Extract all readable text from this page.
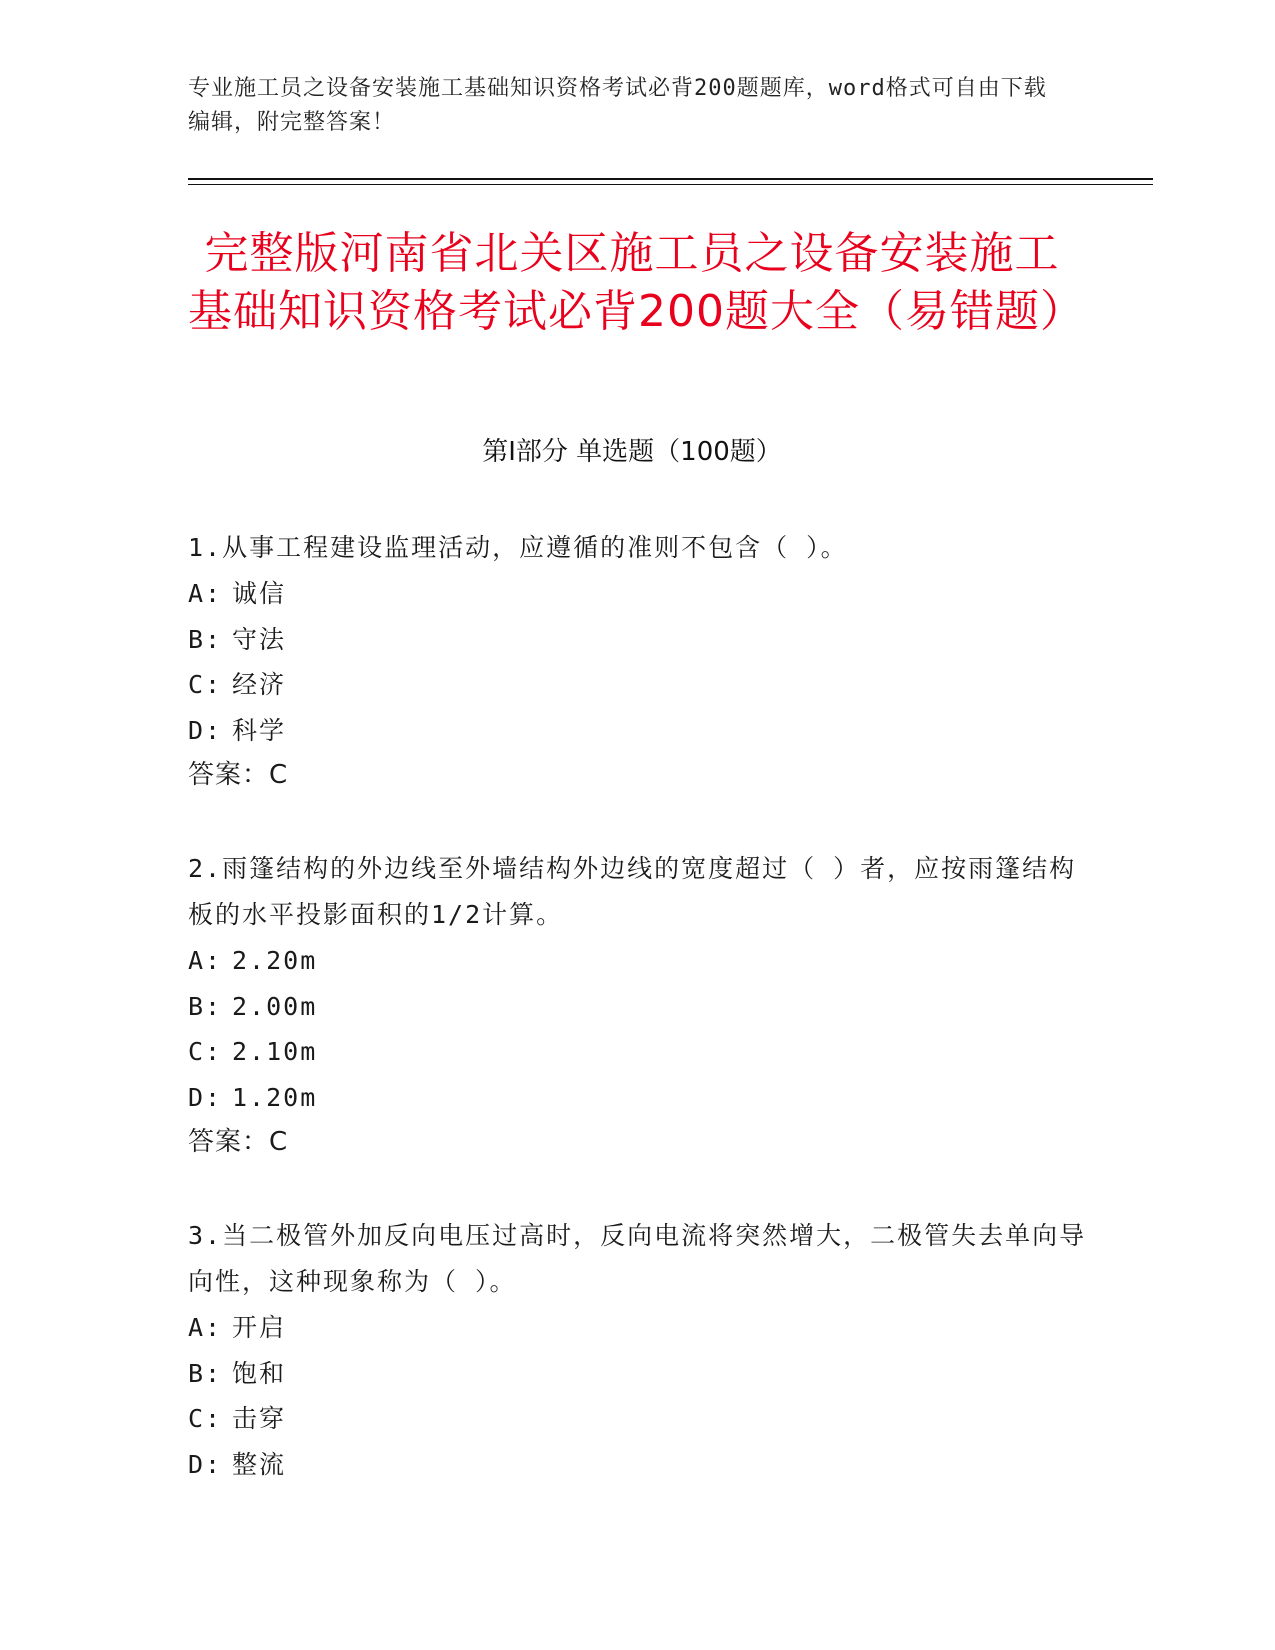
专业施工员之设备安装施工基础知识资格考试必背200题题库，word格式可自由下载编辑，附完整答案！
完整版河南省北关区施工员之设备安装施工基础知识资格考试必背200题大全（易错题）
第I部分 单选题（100题）
1.从事工程建设监理活动，应遵循的准则不包含（ ）。
A: 诚信
B: 守法
C: 经济
D: 科学
答案：C
2.雨篷结构的外边线至外墙结构外边线的宽度超过（ ）者，应按雨篷结构板的水平投影面积的1/2计算。
A: 2.20m
B: 2.00m
C: 2.10m
D: 1.20m
答案：C
3.当二极管外加反向电压过高时，反向电流将突然增大，二极管失去单向导向性，这种现象称为（ ）。
A: 开启
B: 饱和
C: 击穿
D: 整流
